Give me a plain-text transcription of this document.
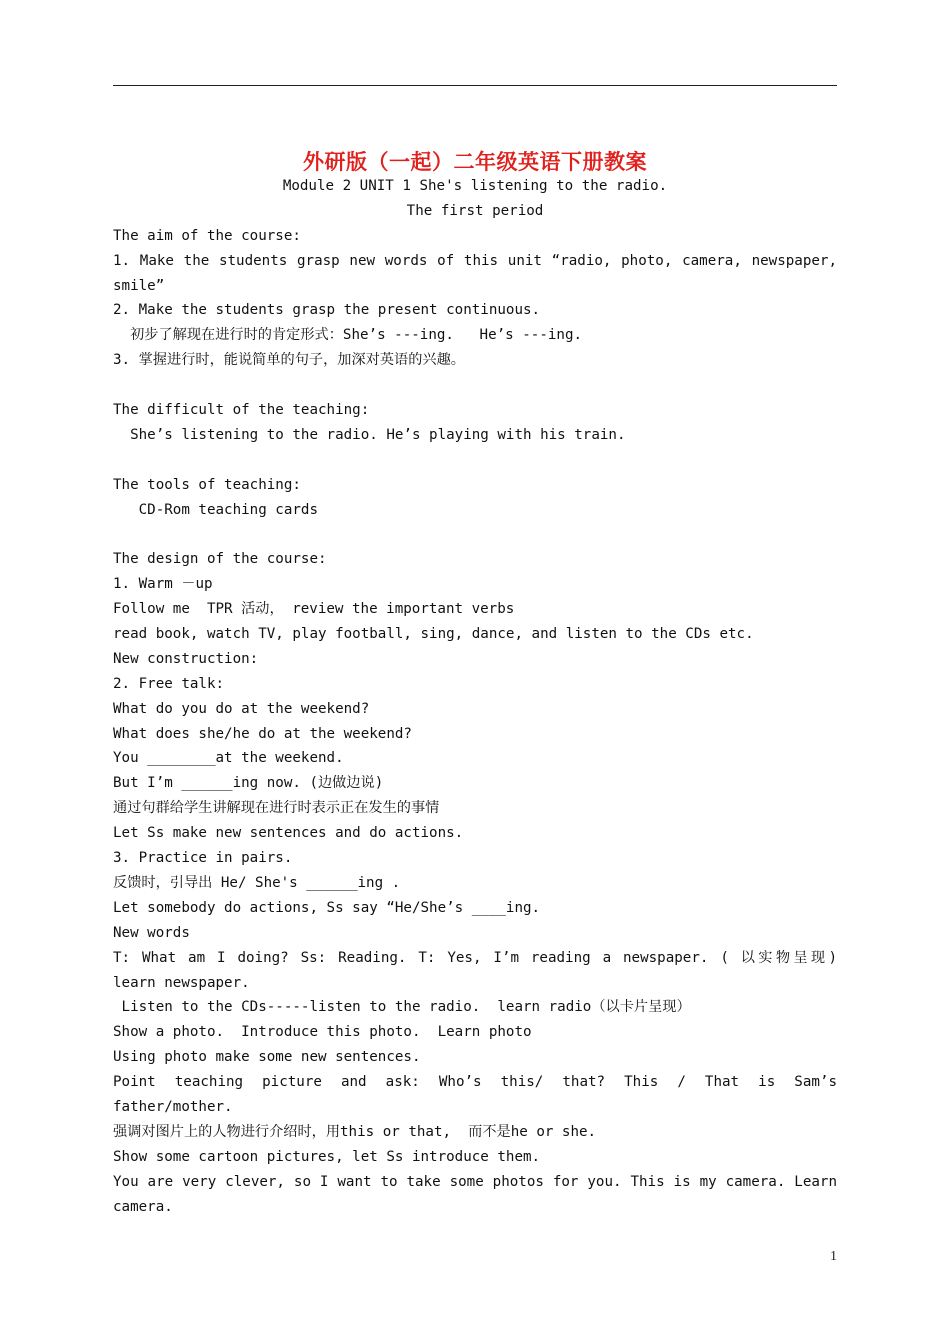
外研版（一起）二年级英语下册教案
Module 2 UNIT 1 She's listening to the radio.
The first period
The aim of the course:
1. Make the students grasp new words of this unit “radio, photo, camera, newspaper,
smile”
2. Make the students grasp the present continuous.
初步了解现在进行时的肯定形式：She’s ---ing.   He’s ---ing.
3. 掌握进行时，能说简单的句子，加深对英语的兴趣。
The difficult of the teaching:
She’s listening to the radio. He’s playing with his train.
The tools of teaching:
CD-Rom teaching cards
The design of the course:
1. Warm －up
Follow me  TPR 活动， review the important verbs
read book, watch TV, play football, sing, dance, and listen to the CDs etc.
New construction:
2. Free talk:
What do you do at the weekend?
What does she/he do at the weekend?
You ________at the weekend.
But I’m ______ing now. (边做边说)
通过句群给学生讲解现在进行时表示正在发生的事情
Let Ss make new sentences and do actions.
3. Practice in pairs.
反馈时，引导出 He/ She's ______ing .
Let somebody do actions, Ss say “He/She’s ____ing.
New words
T: What am I doing? Ss: Reading. T: Yes, I’m reading a newspaper. ( 以实物呈现)
learn newspaper.
Listen to the CDs-----listen to the radio.  learn radio（以卡片呈现）
Show a photo.  Introduce this photo.  Learn photo
Using photo make some new sentences.
Point teaching picture and ask: Who’s this/ that? This / That is Sam’s
father/mother.
强调对图片上的人物进行介绍时，用this or that,  而不是he or she.
Show some cartoon pictures, let Ss introduce them.
You are very clever, so I want to take some photos for you. This is my camera. Learn
camera.
1
